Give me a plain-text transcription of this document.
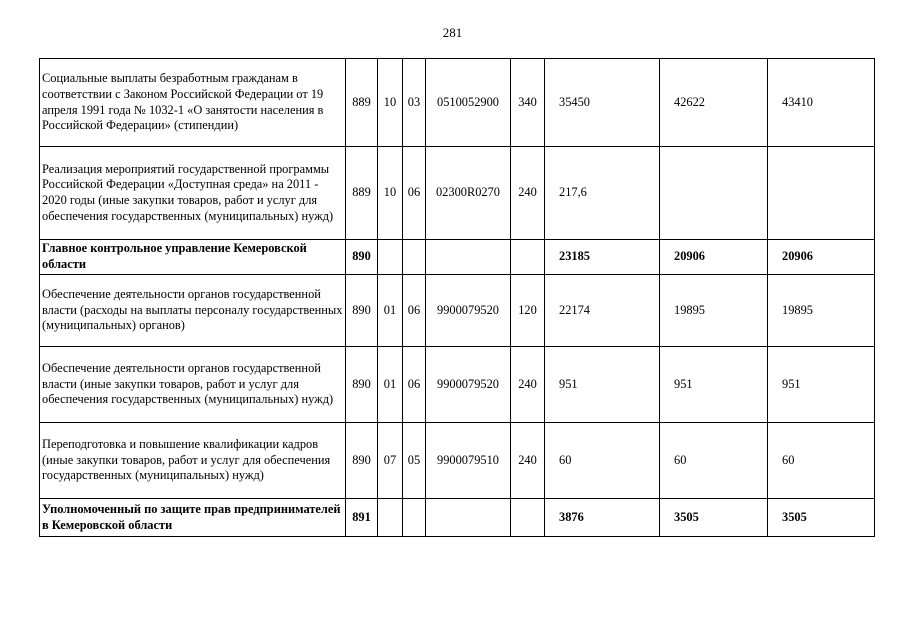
281
Социальные выплаты безработным гражданам в соответствии с Законом Российской Федерации от 19 апреля 1991 года № 1032-1 «О занятости населения в Российской Федерации» (стипендии)	889	10	03	0510052900	340	35450	42622	43410
Реализация мероприятий государственной программы Российской Федерации «Доступная среда» на 2011 - 2020 годы (иные закупки товаров, работ и услуг для обеспечения государственных (муниципальных) нужд)	889	10	06	02300R0270	240	217,6		
Главное контрольное управление Кемеровской области	890					23185	20906	20906
Обеспечение деятельности органов государственной власти (расходы на выплаты персоналу государственных (муниципальных) органов)	890	01	06	9900079520	120	22174	19895	19895
Обеспечение деятельности органов государственной власти (иные закупки товаров, работ и услуг для обеспечения государственных (муниципальных) нужд)	890	01	06	9900079520	240	951	951	951
Переподготовка и повышение квалификации кадров (иные закупки товаров, работ и услуг для обеспечения государственных (муниципальных) нужд)	890	07	05	9900079510	240	60	60	60
Уполномоченный по защите прав предпринимателей в Кемеровской области	891					3876	3505	3505
